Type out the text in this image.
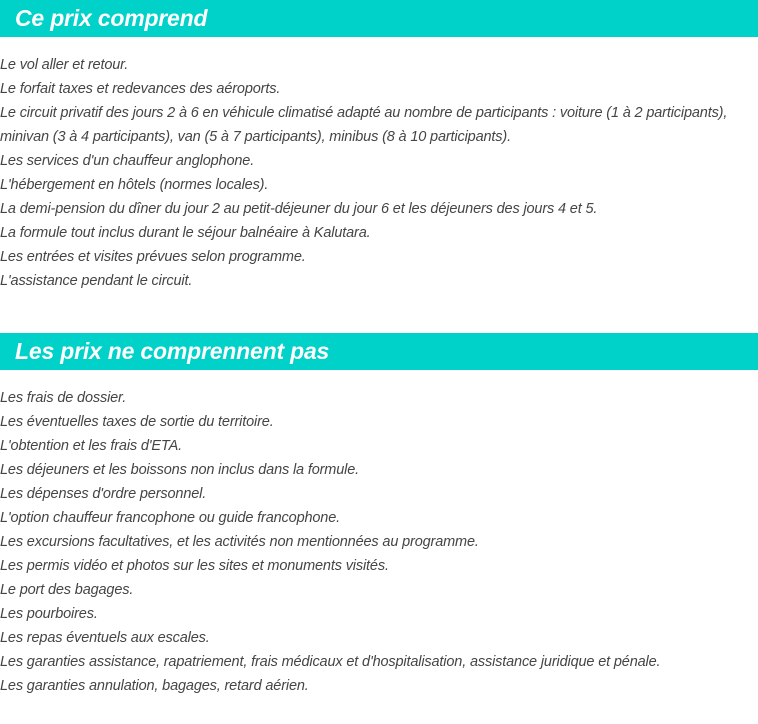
Ce prix comprend
Le vol aller et retour.
Le forfait taxes et redevances des aéroports.
Le circuit privatif des jours 2 à 6 en véhicule climatisé adapté au nombre de participants : voiture (1 à 2 participants), minivan (3 à 4 participants), van (5 à 7 participants), minibus (8 à 10 participants).
Les services d'un chauffeur anglophone.
L'hébergement en hôtels (normes locales).
La demi-pension du dîner du jour 2 au petit-déjeuner du jour 6 et les déjeuners des jours 4 et 5.
La formule tout inclus durant le séjour balnéaire à Kalutara.
Les entrées et visites prévues selon programme.
L'assistance pendant le circuit.
Les prix ne comprennent pas
Les frais de dossier.
Les éventuelles taxes de sortie du territoire.
L'obtention et les frais d'ETA.
Les déjeuners et les boissons non inclus dans la formule.
Les dépenses d'ordre personnel.
L'option chauffeur francophone ou guide francophone.
Les excursions facultatives, et les activités non mentionnées au programme.
Les permis vidéo et photos sur les sites et monuments visités.
Le port des bagages.
Les pourboires.
Les repas éventuels aux escales.
Les garanties assistance, rapatriement, frais médicaux et d'hospitalisation, assistance juridique et pénale.
Les garanties annulation, bagages, retard aérien.
